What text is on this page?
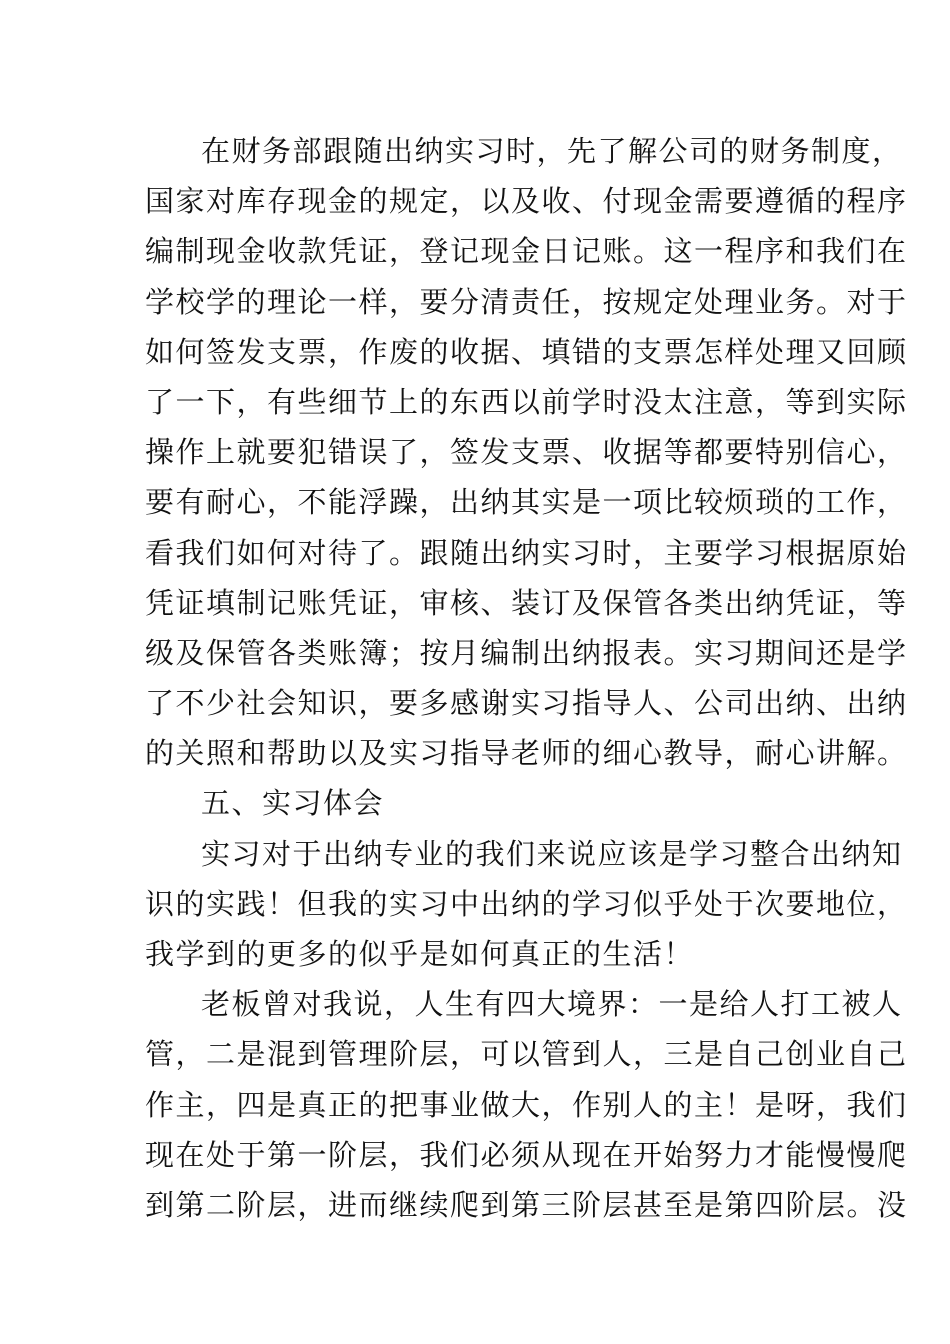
在财务部跟随出纳实习时，先了解公司的财务制度，
国家对库存现金的规定，以及收、付现金需要遵循的程序
编制现金收款凭证，登记现金日记账。这一程序和我们在
学校学的理论一样，要分清责任，按规定处理业务。对于
如何签发支票，作废的收据、填错的支票怎样处理又回顾
了一下，有些细节上的东西以前学时没太注意，等到实际
操作上就要犯错误了，签发支票、收据等都要特别信心，
要有耐心，不能浮躁，出纳其实是一项比较烦琐的工作，
看我们如何对待了。跟随出纳实习时，主要学习根据原始
凭证填制记账凭证，审核、装订及保管各类出纳凭证，等
级及保管各类账簿；按月编制出纳报表。实习期间还是学
了不少社会知识，要多感谢实习指导人、公司出纳、出纳
的关照和帮助以及实习指导老师的细心教导，耐心讲解。
五、实习体会
实习对于出纳专业的我们来说应该是学习整合出纳知
识的实践！但我的实习中出纳的学习似乎处于次要地位，
我学到的更多的似乎是如何真正的生活！
老板曾对我说，人生有四大境界：一是给人打工被人
管，二是混到管理阶层，可以管到人，三是自己创业自己
作主，四是真正的把事业做大，作别人的主！是呀，我们
现在处于第一阶层，我们必须从现在开始努力才能慢慢爬
到第二阶层，进而继续爬到第三阶层甚至是第四阶层。没
